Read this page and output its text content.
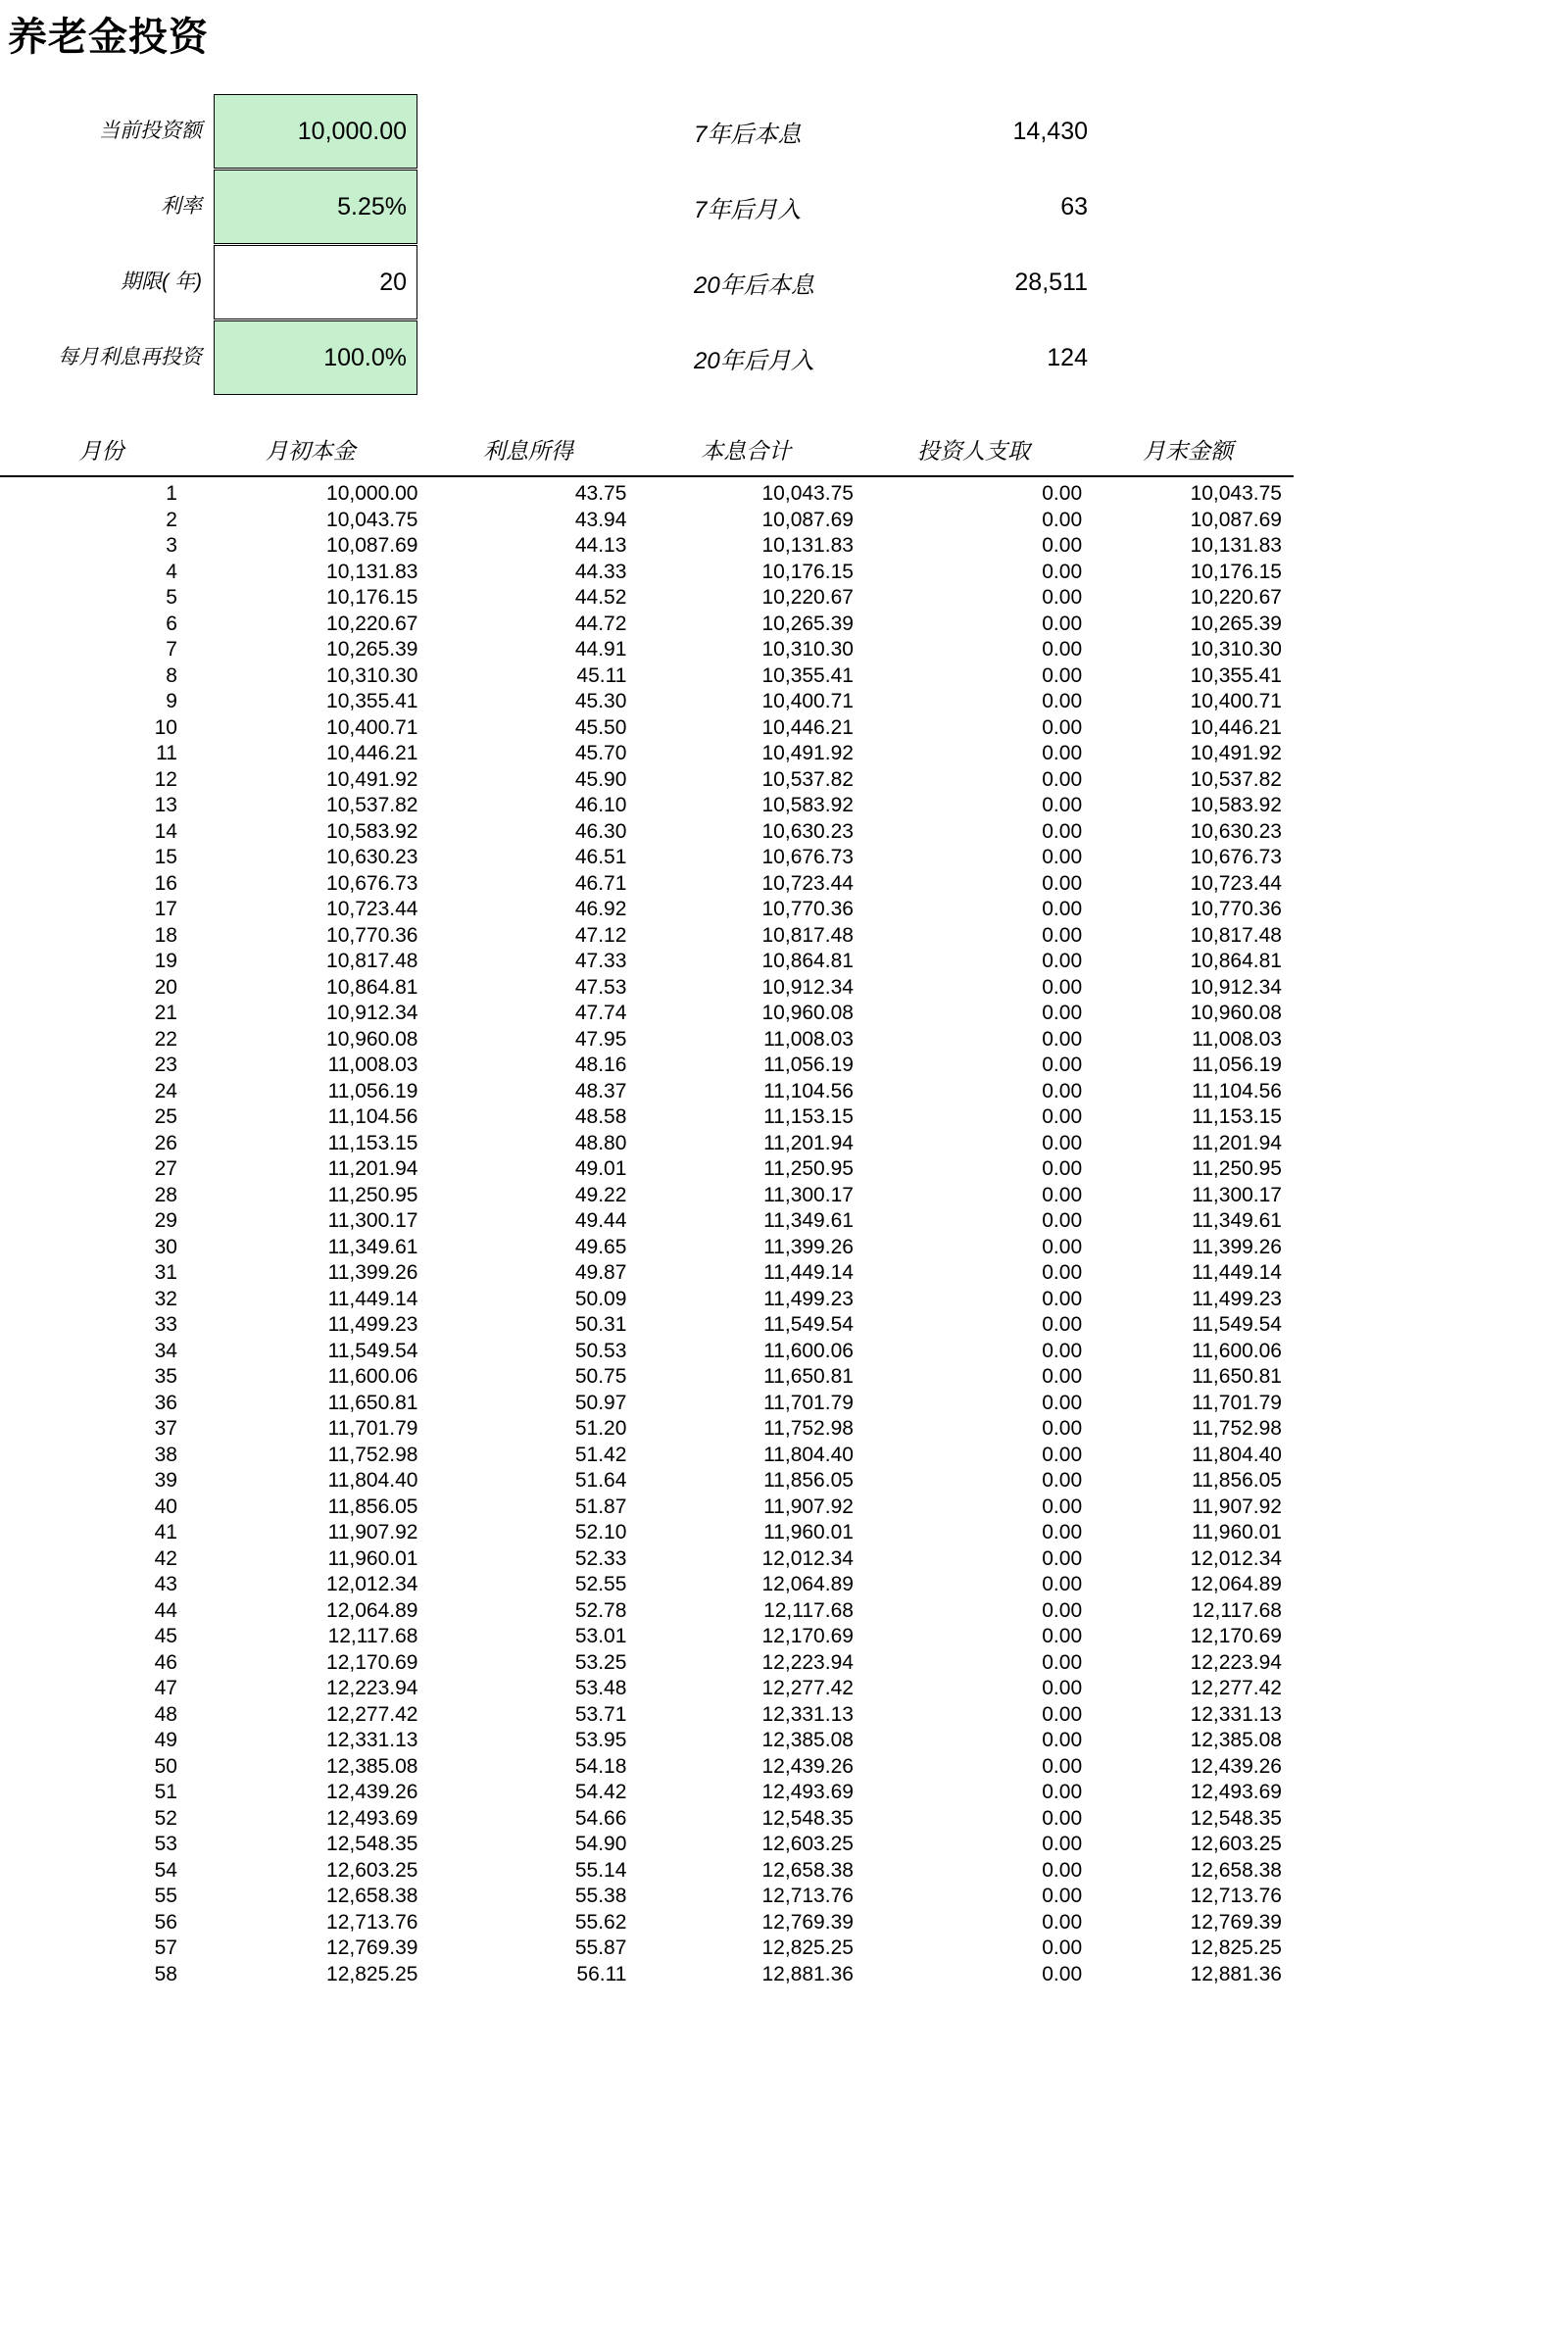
养老金投资
当前投资额	10,000.00
利率	5.25%
期限( 年)	20
每月利息再投资	100.0%
7年后本息	14,430
7年后月入	63
20年后本息	28,511
20年后月入	124
月份	月初本金	利息所得	本息合计	投资人支取	月末金额
1	10,000.00	43.75	10,043.75	0.00	10,043.75
2	10,043.75	43.94	10,087.69	0.00	10,087.69
3	10,087.69	44.13	10,131.83	0.00	10,131.83
4	10,131.83	44.33	10,176.15	0.00	10,176.15
5	10,176.15	44.52	10,220.67	0.00	10,220.67
6	10,220.67	44.72	10,265.39	0.00	10,265.39
7	10,265.39	44.91	10,310.30	0.00	10,310.30
8	10,310.30	45.11	10,355.41	0.00	10,355.41
9	10,355.41	45.30	10,400.71	0.00	10,400.71
10	10,400.71	45.50	10,446.21	0.00	10,446.21
11	10,446.21	45.70	10,491.92	0.00	10,491.92
12	10,491.92	45.90	10,537.82	0.00	10,537.82
13	10,537.82	46.10	10,583.92	0.00	10,583.92
14	10,583.92	46.30	10,630.23	0.00	10,630.23
15	10,630.23	46.51	10,676.73	0.00	10,676.73
16	10,676.73	46.71	10,723.44	0.00	10,723.44
17	10,723.44	46.92	10,770.36	0.00	10,770.36
18	10,770.36	47.12	10,817.48	0.00	10,817.48
19	10,817.48	47.33	10,864.81	0.00	10,864.81
20	10,864.81	47.53	10,912.34	0.00	10,912.34
21	10,912.34	47.74	10,960.08	0.00	10,960.08
22	10,960.08	47.95	11,008.03	0.00	11,008.03
23	11,008.03	48.16	11,056.19	0.00	11,056.19
24	11,056.19	48.37	11,104.56	0.00	11,104.56
25	11,104.56	48.58	11,153.15	0.00	11,153.15
26	11,153.15	48.80	11,201.94	0.00	11,201.94
27	11,201.94	49.01	11,250.95	0.00	11,250.95
28	11,250.95	49.22	11,300.17	0.00	11,300.17
29	11,300.17	49.44	11,349.61	0.00	11,349.61
30	11,349.61	49.65	11,399.26	0.00	11,399.26
31	11,399.26	49.87	11,449.14	0.00	11,449.14
32	11,449.14	50.09	11,499.23	0.00	11,499.23
33	11,499.23	50.31	11,549.54	0.00	11,549.54
34	11,549.54	50.53	11,600.06	0.00	11,600.06
35	11,600.06	50.75	11,650.81	0.00	11,650.81
36	11,650.81	50.97	11,701.79	0.00	11,701.79
37	11,701.79	51.20	11,752.98	0.00	11,752.98
38	11,752.98	51.42	11,804.40	0.00	11,804.40
39	11,804.40	51.64	11,856.05	0.00	11,856.05
40	11,856.05	51.87	11,907.92	0.00	11,907.92
41	11,907.92	52.10	11,960.01	0.00	11,960.01
42	11,960.01	52.33	12,012.34	0.00	12,012.34
43	12,012.34	52.55	12,064.89	0.00	12,064.89
44	12,064.89	52.78	12,117.68	0.00	12,117.68
45	12,117.68	53.01	12,170.69	0.00	12,170.69
46	12,170.69	53.25	12,223.94	0.00	12,223.94
47	12,223.94	53.48	12,277.42	0.00	12,277.42
48	12,277.42	53.71	12,331.13	0.00	12,331.13
49	12,331.13	53.95	12,385.08	0.00	12,385.08
50	12,385.08	54.18	12,439.26	0.00	12,439.26
51	12,439.26	54.42	12,493.69	0.00	12,493.69
52	12,493.69	54.66	12,548.35	0.00	12,548.35
53	12,548.35	54.90	12,603.25	0.00	12,603.25
54	12,603.25	55.14	12,658.38	0.00	12,658.38
55	12,658.38	55.38	12,713.76	0.00	12,713.76
56	12,713.76	55.62	12,769.39	0.00	12,769.39
57	12,769.39	55.87	12,825.25	0.00	12,825.25
58	12,825.25	56.11	12,881.36	0.00	12,881.36
